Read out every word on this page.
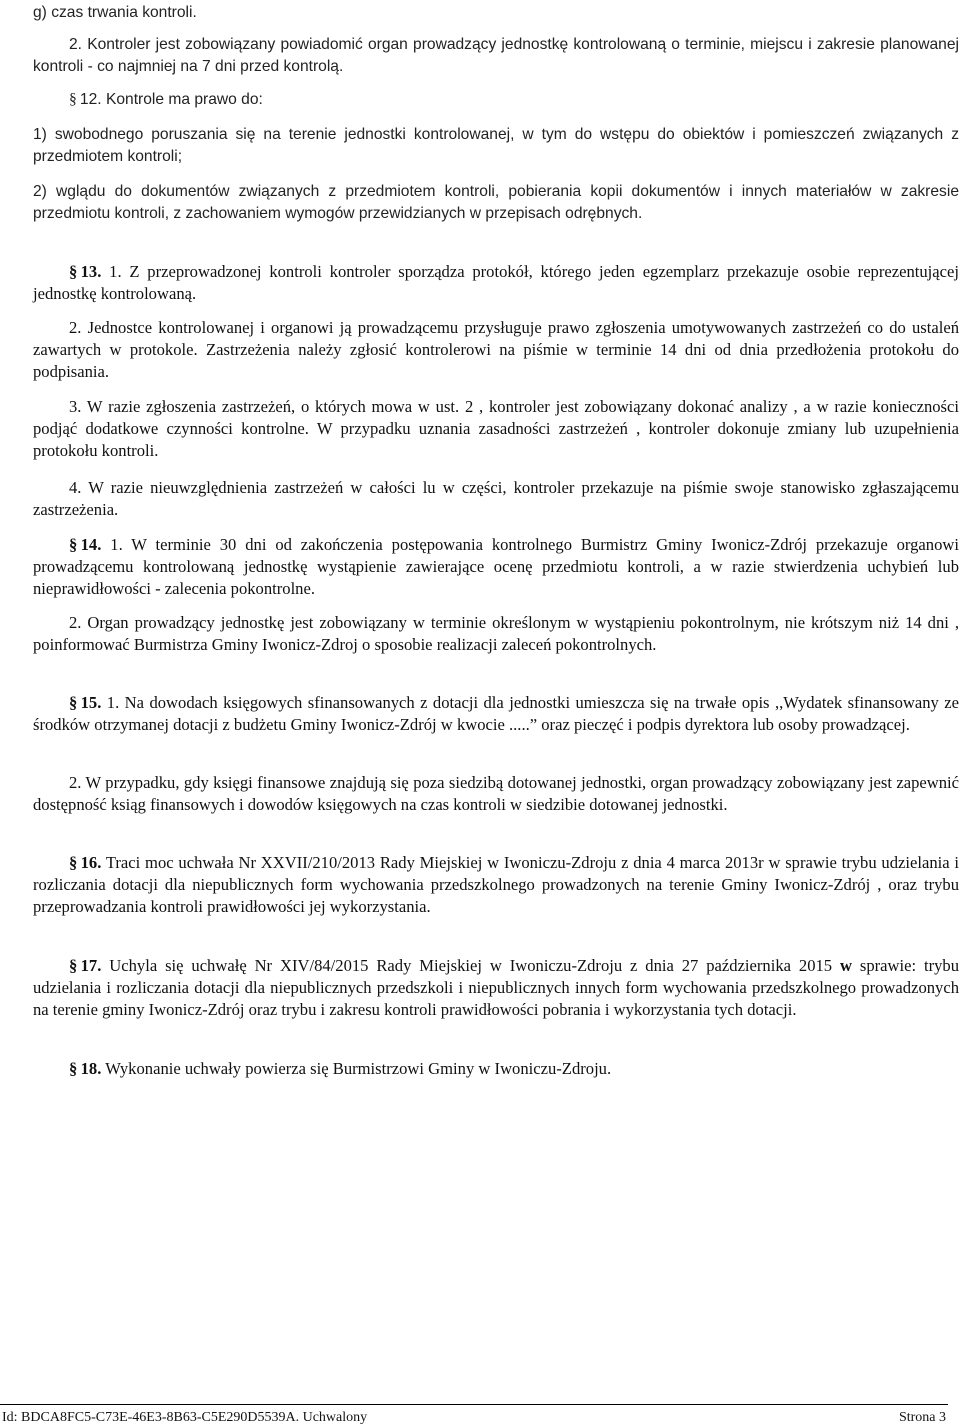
g) czas trwania kontroli.
2. Kontroler jest zobowiązany powiadomić organ prowadzący jednostkę kontrolowaną o terminie, miejscu i zakresie planowanej kontroli - co najmniej na 7 dni przed kontrolą.
§  12. Kontrole ma prawo do:
1) swobodnego poruszania się na terenie jednostki kontrolowanej, w tym do wstępu do obiektów i pomieszczeń związanych z przedmiotem kontroli;
2) wglądu do dokumentów związanych z przedmiotem kontroli, pobierania kopii dokumentów i innych materiałów w zakresie przedmiotu kontroli, z zachowaniem wymogów przewidzianych w przepisach odrębnych.
§  13. 1. Z przeprowadzonej kontroli kontroler sporządza protokół, którego jeden egzemplarz przekazuje osobie reprezentującej jednostkę kontrolowaną.
2. Jednostce kontrolowanej i organowi ją prowadzącemu przysługuje prawo zgłoszenia umotywowanych zastrzeżeń co do ustaleń zawartych w protokole. Zastrzeżenia należy zgłosić kontrolerowi na piśmie w terminie 14 dni od dnia przedłożenia protokołu do podpisania.
3. W razie zgłoszenia zastrzeżeń, o których mowa w ust. 2 , kontroler jest zobowiązany dokonać analizy , a w razie konieczności podjąć dodatkowe czynności kontrolne. W przypadku uznania zasadności zastrzeżeń , kontroler dokonuje zmiany lub uzupełnienia protokołu kontroli.
4. W razie nieuwzględnienia zastrzeżeń w całości lu w części, kontroler przekazuje na piśmie swoje stanowisko zgłaszającemu zastrzeżenia.
§  14. 1. W terminie 30 dni od zakończenia postępowania kontrolnego Burmistrz Gminy Iwonicz-Zdrój przekazuje organowi prowadzącemu kontrolowaną jednostkę wystąpienie zawierające ocenę przedmiotu kontroli, a w razie stwierdzenia uchybień lub nieprawidłowości - zalecenia pokontrolne.
2. Organ prowadzący jednostkę jest zobowiązany w terminie określonym w wystąpieniu pokontrolnym, nie krótszym niż 14 dni , poinformować Burmistrza Gminy Iwonicz-Zdroj o sposobie realizacji zaleceń pokontrolnych.
§  15. 1. Na dowodach księgowych sfinansowanych z dotacji dla jednostki umieszcza się na trwałe opis ,,Wydatek sfinansowany ze środków otrzymanej dotacji z budżetu Gminy Iwonicz-Zdrój w kwocie .....” oraz pieczęć i podpis dyrektora lub osoby prowadzącej.
2. W przypadku, gdy księgi finansowe znajdują się poza siedzibą dotowanej jednostki, organ prowadzący zobowiązany jest zapewnić dostępność ksiąg finansowych i dowodów księgowych na czas kontroli w siedzibie dotowanej jednostki.
§  16. Traci moc uchwała Nr XXVII/210/2013 Rady Miejskiej w Iwoniczu-Zdroju z dnia 4 marca 2013r w sprawie trybu udzielania i rozliczania dotacji dla niepublicznych form wychowania przedszkolnego prowadzonych na terenie Gminy Iwonicz-Zdrój , oraz trybu przeprowadzania kontroli prawidłowości jej wykorzystania.
§  17. Uchyla się uchwałę Nr XIV/84/2015 Rady Miejskiej w Iwoniczu-Zdroju z dnia 27 października 2015 w sprawie: trybu udzielania i rozliczania dotacji dla niepublicznych przedszkoli i niepublicznych innych form wychowania przedszkolnego prowadzonych na terenie gminy Iwonicz-Zdrój oraz trybu i zakresu kontroli prawidłowości pobrania i wykorzystania tych dotacji.
§  18. Wykonanie uchwały powierza się Burmistrzowi Gminy w Iwoniczu-Zdroju.
Id: BDCA8FC5-C73E-46E3-8B63-C5E290D5539A. Uchwalony	Strona 3
